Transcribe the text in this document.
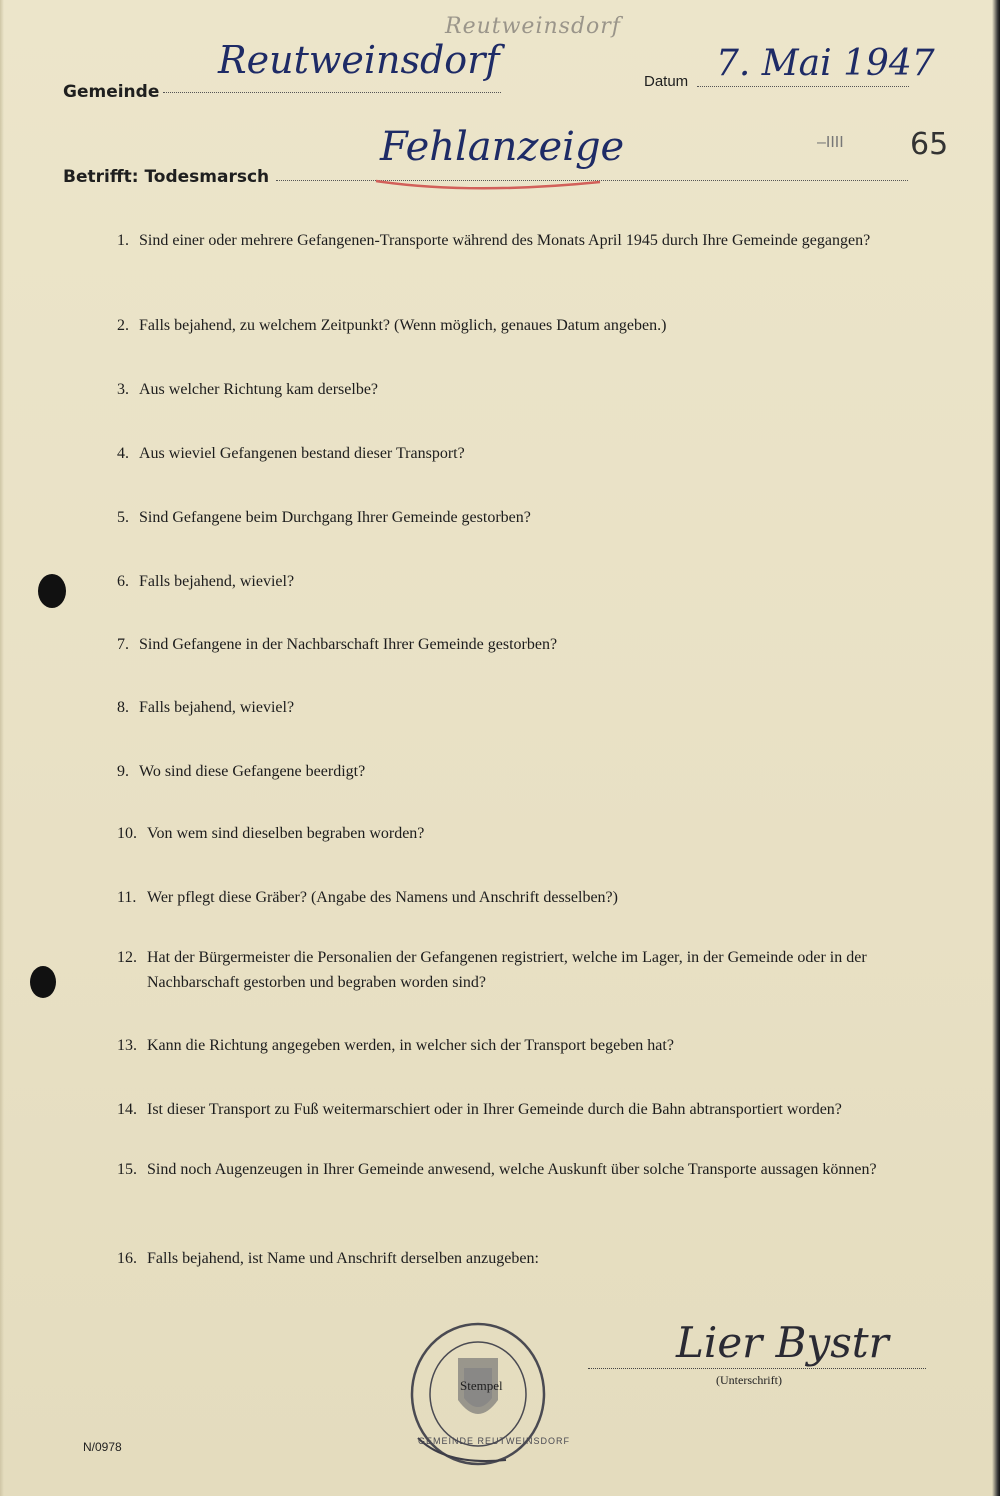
Reutweinsdorf
Gemeinde
Reutweinsdorf	Datum 7. Mai 1947
Betrifft: Todesmarsch
Fehlanzeige	–IIII 65
1. Sind einer oder mehrere Gefangenen-Transporte während des Monats April 1945 durch Ihre Gemeinde gegangen?
2. Falls bejahend, zu welchem Zeitpunkt? (Wenn möglich, genaues Datum angeben.)
3. Aus welcher Richtung kam derselbe?
4. Aus wieviel Gefangenen bestand dieser Transport?
5. Sind Gefangene beim Durchgang Ihrer Gemeinde gestorben?
6. Falls bejahend, wieviel?
7. Sind Gefangene in der Nachbarschaft Ihrer Gemeinde gestorben?
8. Falls bejahend, wieviel?
9. Wo sind diese Gefangene beerdigt?
10. Von wem sind dieselben begraben worden?
11. Wer pflegt diese Gräber? (Angabe des Namens und Anschrift desselben?)
12. Hat der Bürgermeister die Personalien der Gefangenen registriert, welche im Lager, in der Gemeinde oder in der Nachbarschaft gestorben und begraben worden sind?
13. Kann die Richtung angegeben werden, in welcher sich der Transport begeben hat?
14. Ist dieser Transport zu Fuß weitermarschiert oder in Ihrer Gemeinde durch die Bahn abtransportiert worden?
15. Sind noch Augenzeugen in Ihrer Gemeinde anwesend, welche Auskunft über solche Transporte aussagen können?
16. Falls bejahend, ist Name und Anschrift derselben anzugeben:
GEMEINDE REUTWEINSDORF
Stempel
Lier Bystr
(Unterschrift)
N/0978
